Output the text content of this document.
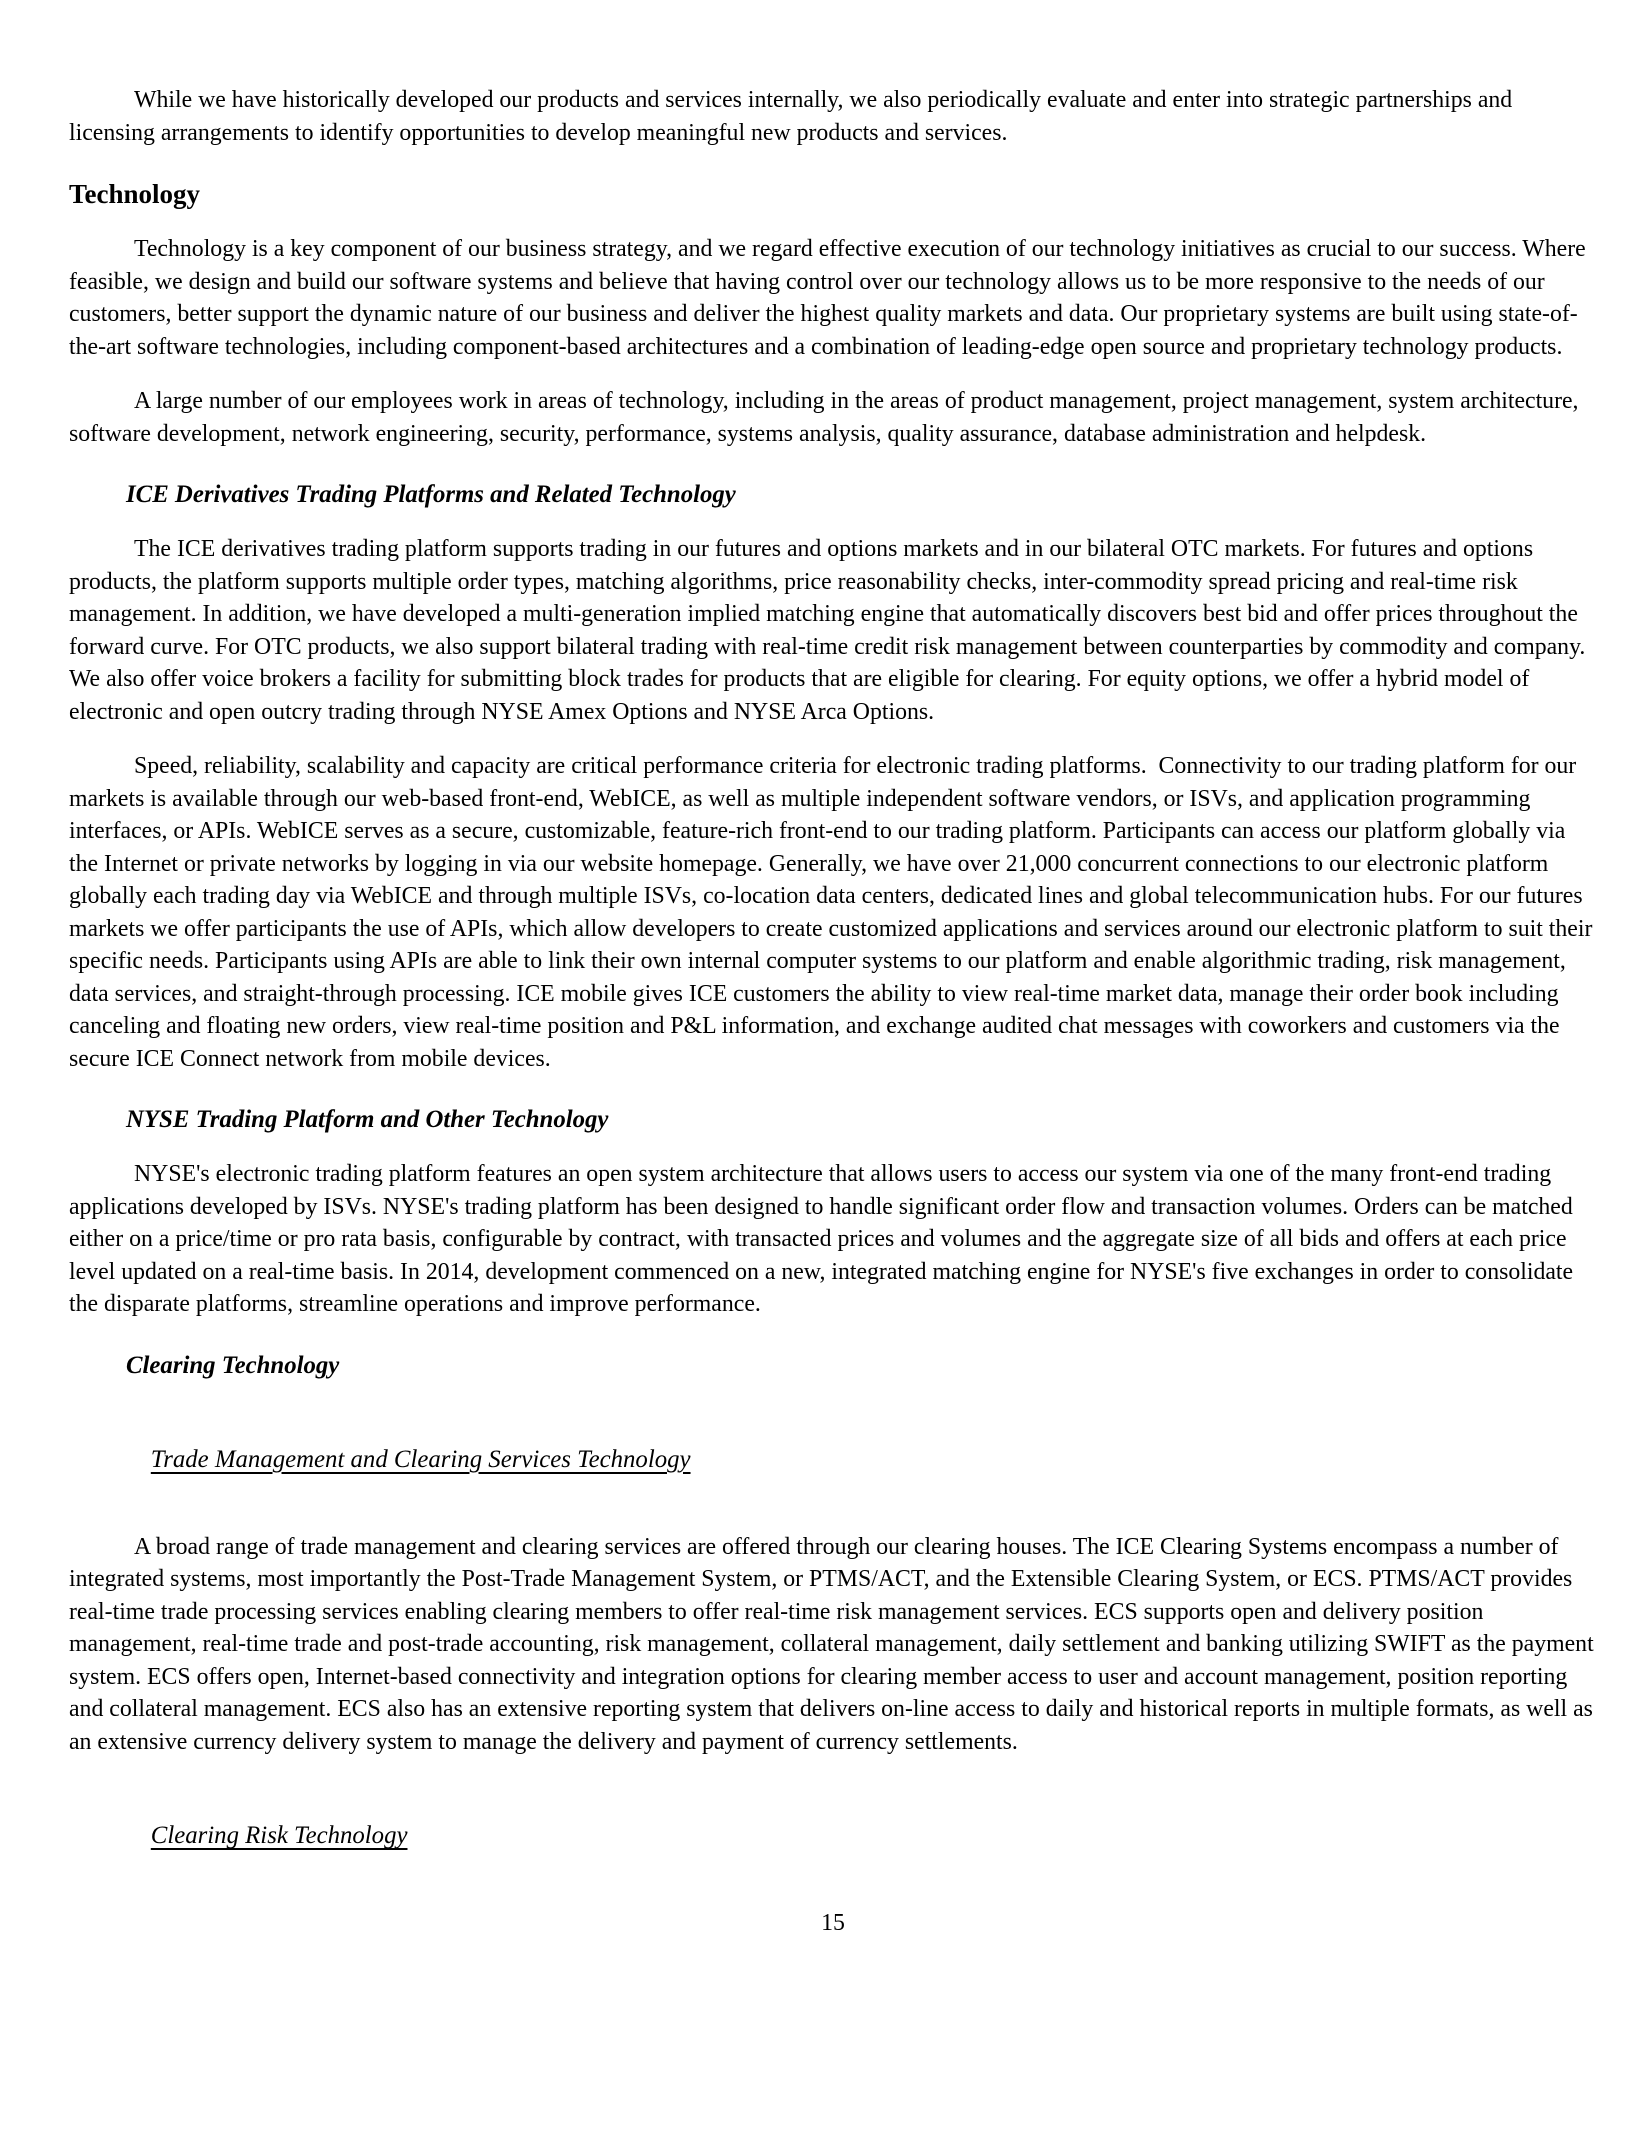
While we have historically developed our products and services internally, we also periodically evaluate and enter into strategic partnerships and licensing arrangements to identify opportunities to develop meaningful new products and services.

Technology

Technology is a key component of our business strategy, and we regard effective execution of our technology initiatives as crucial to our success. Where feasible, we design and build our software systems and believe that having control over our technology allows us to be more responsive to the needs of our customers, better support the dynamic nature of our business and deliver the highest quality markets and data. Our proprietary systems are built using state-of-the-art software technologies, including component-based architectures and a combination of leading-edge open source and proprietary technology products.

A large number of our employees work in areas of technology, including in the areas of product management, project management, system architecture, software development, network engineering, security, performance, systems analysis, quality assurance, database administration and helpdesk.

ICE Derivatives Trading Platforms and Related Technology

The ICE derivatives trading platform supports trading in our futures and options markets and in our bilateral OTC markets. For futures and options products, the platform supports multiple order types, matching algorithms, price reasonability checks, inter-commodity spread pricing and real-time risk management. In addition, we have developed a multi-generation implied matching engine that automatically discovers best bid and offer prices throughout the forward curve. For OTC products, we also support bilateral trading with real-time credit risk management between counterparties by commodity and company. We also offer voice brokers a facility for submitting block trades for products that are eligible for clearing. For equity options, we offer a hybrid model of electronic and open outcry trading through NYSE Amex Options and NYSE Arca Options.

Speed, reliability, scalability and capacity are critical performance criteria for electronic trading platforms.  Connectivity to our trading platform for our markets is available through our web-based front-end, WebICE, as well as multiple independent software vendors, or ISVs, and application programming interfaces, or APIs. WebICE serves as a secure, customizable, feature-rich front-end to our trading platform. Participants can access our platform globally via the Internet or private networks by logging in via our website homepage. Generally, we have over 21,000 concurrent connections to our electronic platform globally each trading day via WebICE and through multiple ISVs, co-location data centers, dedicated lines and global telecommunication hubs. For our futures markets we offer participants the use of APIs, which allow developers to create customized applications and services around our electronic platform to suit their specific needs. Participants using APIs are able to link their own internal computer systems to our platform and enable algorithmic trading, risk management, data services, and straight-through processing. ICE mobile gives ICE customers the ability to view real-time market data, manage their order book including canceling and floating new orders, view real-time position and P&L information, and exchange audited chat messages with coworkers and customers via the secure ICE Connect network from mobile devices.

NYSE Trading Platform and Other Technology

NYSE's electronic trading platform features an open system architecture that allows users to access our system via one of the many front-end trading applications developed by ISVs. NYSE's trading platform has been designed to handle significant order flow and transaction volumes. Orders can be matched either on a price/time or pro rata basis, configurable by contract, with transacted prices and volumes and the aggregate size of all bids and offers at each price level updated on a real-time basis. In 2014, development commenced on a new, integrated matching engine for NYSE's five exchanges in order to consolidate the disparate platforms, streamline operations and improve performance.

Clearing Technology

Trade Management and Clearing Services Technology

A broad range of trade management and clearing services are offered through our clearing houses. The ICE Clearing Systems encompass a number of integrated systems, most importantly the Post-Trade Management System, or PTMS/ACT, and the Extensible Clearing System, or ECS. PTMS/ACT provides real-time trade processing services enabling clearing members to offer real-time risk management services. ECS supports open and delivery position management, real-time trade and post-trade accounting, risk management, collateral management, daily settlement and banking utilizing SWIFT as the payment system. ECS offers open, Internet-based connectivity and integration options for clearing member access to user and account management, position reporting and collateral management. ECS also has an extensive reporting system that delivers on-line access to daily and historical reports in multiple formats, as well as an extensive currency delivery system to manage the delivery and payment of currency settlements.

Clearing Risk Technology

15
